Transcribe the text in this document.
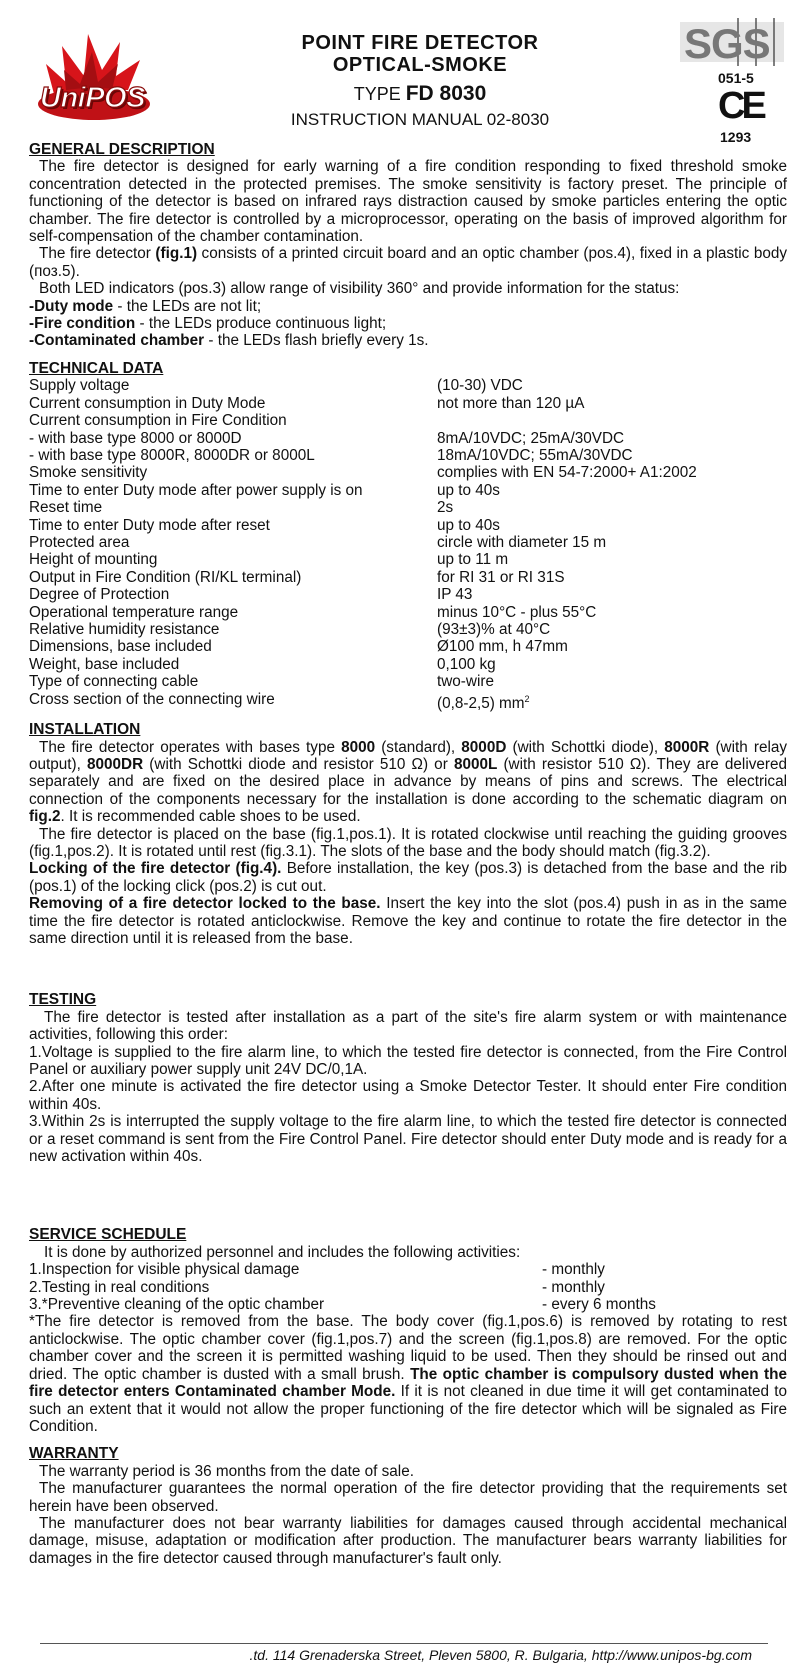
UniPOS
POINT FIRE DETECTOR
OPTICAL-SMOKE
TYPE FD 8030
INSTRUCTION MANUAL 02-8030
SGS
051-5
CE
1293
GENERAL DESCRIPTION

The fire detector is designed for early warning of a fire condition responding to fixed threshold smoke concentration detected in the protected premises. The smoke sensitivity is factory preset. The principle of functioning of the detector is based on infrared rays distraction caused by smoke particles entering the optic chamber. The fire detector is controlled by a microprocessor, operating on the basis of improved algorithm for self-compensation of the chamber contamination.

The fire detector (fig.1) consists of a printed circuit board and an optic chamber (pos.4), fixed in a plastic body (поз.5).

Both LED indicators (pos.3) allow range of visibility 360° and provide information for the status:

-Duty mode - the LEDs are not lit;

-Fire condition - the LEDs produce continuous light;

-Contaminated chamber - the LEDs flash briefly every 1s.

TECHNICAL DATA
Supply voltage	(10-30) VDC
Current consumption in Duty Mode	not more than 120 µA
Current consumption in Fire Condition
- with base type 8000 or 8000D	8mA/10VDC; 25mA/30VDC
- with base type 8000R, 8000DR or 8000L	18mA/10VDC; 55mA/30VDC
Smoke sensitivity	complies with EN 54-7:2000+ A1:2002
Time to enter Duty mode after power supply is on	up to 40s
Reset time	2s
Time to enter Duty mode after reset	up to 40s
Protected area	circle with diameter 15 m
Height of mounting	up to 11 m
Output in Fire Condition (RI/KL terminal)	for RI 31 or RI 31S
Degree of Protection	IP 43
Operational temperature range	minus 10°C - plus 55°C
Relative humidity resistance	(93±3)% at 40°C
Dimensions, base included	Ø100 mm, h 47mm
Weight, base included	0,100 kg
Type of connecting cable	two-wire
Cross section of the connecting wire	(0,8-2,5) $mm^2$
INSTALLATION

The fire detector operates with bases type 8000 (standard), 8000D (with Schottki diode), 8000R (with relay output), 8000DR (with Schottki diode and resistor 510 Ω) or 8000L (with resistor 510 Ω). They are delivered separately and are fixed on the desired place in advance by means of pins and screws. The electrical connection of the components necessary for the installation is done according to the schematic diagram on fig.2. It is recommended cable shoes to be used.

The fire detector is placed on the base (fig.1,pos.1). It is rotated clockwise until reaching the guiding grooves (fig.1,pos.2). It is rotated until rest (fig.3.1). The slots of the base and the body should match (fig.3.2).

Locking of the fire detector (fig.4). Before installation, the key (pos.3) is detached from the base and the rib (pos.1) of the locking click (pos.2) is cut out.

Removing of a fire detector locked to the base. Insert the key into the slot (pos.4) push in as in the same time the fire detector is rotated anticlockwise. Remove the key and continue to rotate the fire detector in the same direction until it is released from the base.

TESTING

The fire detector is tested after installation as a part of the site's fire alarm system or with maintenance activities, following this order:

1.Voltage is supplied to the fire alarm line, to which the tested fire detector is connected, from the Fire Control Panel or auxiliary power supply unit 24V DC/0,1A.

2.After one minute is activated the fire detector using a Smoke Detector Tester. It should enter Fire condition within 40s.

3.Within 2s is interrupted the supply voltage to the fire alarm line, to which the tested fire detector is connected or a reset command is sent from the Fire Control Panel. Fire detector should enter Duty mode and is ready for a new activation within 40s.

SERVICE SCHEDULE

It is done by authorized personnel and includes the following activities:

1.Inspection for visible physical damage	- monthly
2.Testing in real conditions	- monthly
3.*Preventive cleaning of the optic chamber	- every 6 months

*The fire detector is removed from the base. The body cover (fig.1,pos.6) is removed by rotating to rest anticlockwise. The optic chamber cover (fig.1,pos.7) and the screen (fig.1,pos.8) are removed. For the optic chamber cover and the screen it is permitted washing liquid to be used. Then they should be rinsed out and dried. The optic chamber is dusted with a small brush. The optic chamber is compulsory dusted when the fire detector enters Contaminated chamber Mode. If it is not cleaned in due time it will get contaminated to such an extent that it would not allow the proper functioning of the fire detector which will be signaled as Fire Condition.

WARRANTY

The warranty period is 36 months from the date of sale.

The manufacturer guarantees the normal operation of the fire detector providing that the requirements set herein have been observed.

The manufacturer does not bear warranty liabilities for damages caused through accidental mechanical damage, misuse, adaptation or modification after production. The manufacturer bears warranty liabilities for damages in the fire detector caused through manufacturer's fault only.

.td. 114 Grenaderska Street, Pleven 5800, R. Bulgaria, http://www.unipos-bg.com
